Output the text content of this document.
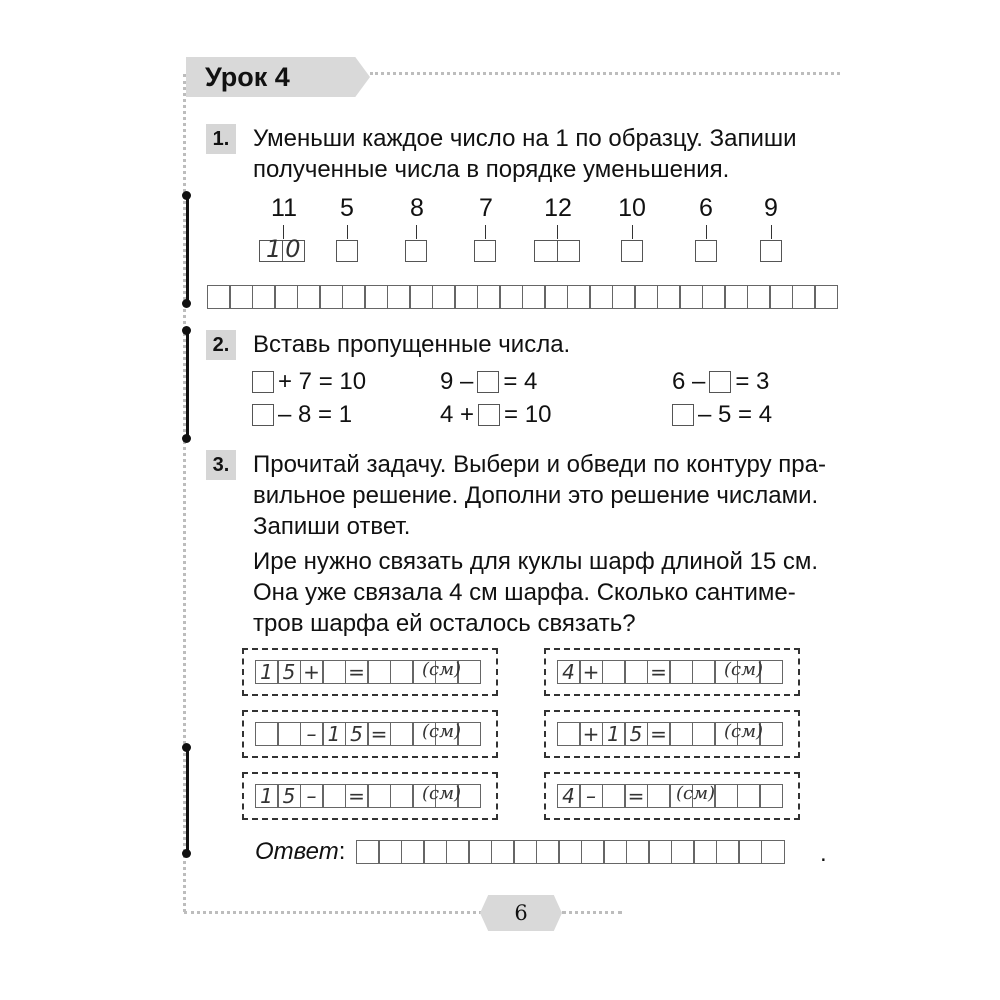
Урок 4
6
1. Уменьши каждое число на 1 по образцу. Запиши
полученные числа в порядке уменьшения.
11	5	8	7	12	10	6	9
10
2. Вставь пропущенные числа.
+ 7 = 10	9 – = 4	6 – = 3
– 8 = 1	4 + = 10	– 5 = 4
3. Прочитай задачу. Выбери и обведи по контуру пра-
вильное решение. Дополни это решение числами.
Запиши ответ.
Ире нужно связать для куклы шарф длиной 15 см.
Она уже связала 4 см шарфа. Сколько сантиме-
тров шарфа ей осталось связать?
1 5 + =	(см)	4 +	=	(см)
– 1 5 = (см)	+ 1 5 =	(см)
1 5 –	=	(см)	4 –	= (см)
Ответ:	.
